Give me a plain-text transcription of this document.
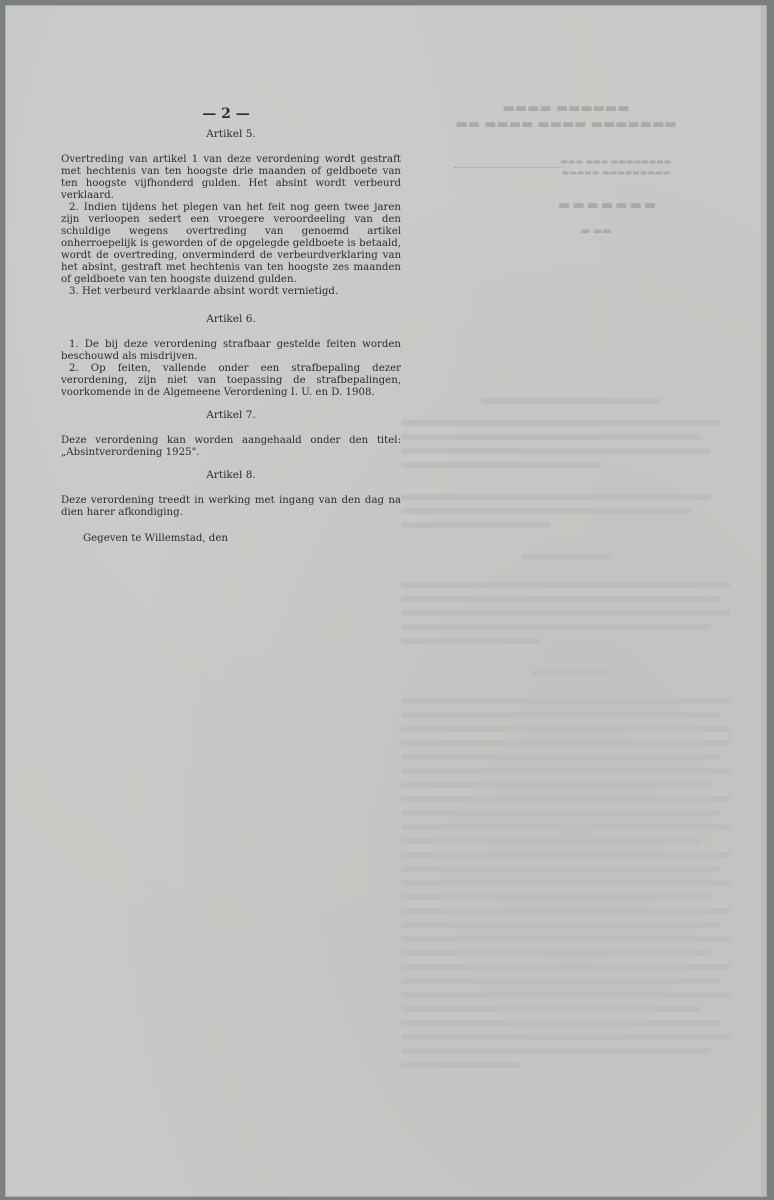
▬▬▬▬▬▬ ▬▬▬▬
▬▬▬▬▬▬▬ ▬▬▬▬ ▬▬▬▬ ▬▬
▬▬▬▬▬▬▬▬ ▬▬▬ ▬▬▬
▬▬▬▬▬▬▬▬▬ ▬▬▬▬▬
▬▬▬▬▬▬▬
▬▬ ▬
— 2 —
Artikel 5.

Overtreding van artikel 1 van deze verordening wordt gestraft met hechtenis van ten hoogste drie maanden of geldboete van ten hoogste vijfhonderd gulden. Het absint wordt verbeurd verklaard.

2. Indien tijdens het plegen van het feit nog geen twee jaren zijn verloopen sedert een vroegere veroordeeling van den schuldige wegens overtreding van genoemd artikel onherroepelijk is geworden of de opgelegde geldboete is betaald, wordt de overtreding, onverminderd de verbeurdverklaring van het absint, gestraft met hechtenis van ten hoogste zes maanden of geldboete van ten hoogste duizend gulden.

3. Het verbeurd verklaarde absint wordt vernietigd.

Artikel 6.

1. De bij deze verordening strafbaar gestelde feiten worden beschouwd als misdrijven.

2. Op feiten, vallende onder een strafbepaling dezer verordening, zijn niet van toepassing de strafbepalingen, voorkomende in de Algemeene Verordening I. U. en D. 1908.

Artikel 7.

Deze verordening kan worden aangehaald onder den titel: „Absintverordening 1925".

Artikel 8.

Deze verordening treedt in werking met ingang van den dag na dien harer afkondiging.

Gegeven te Willemstad, den
